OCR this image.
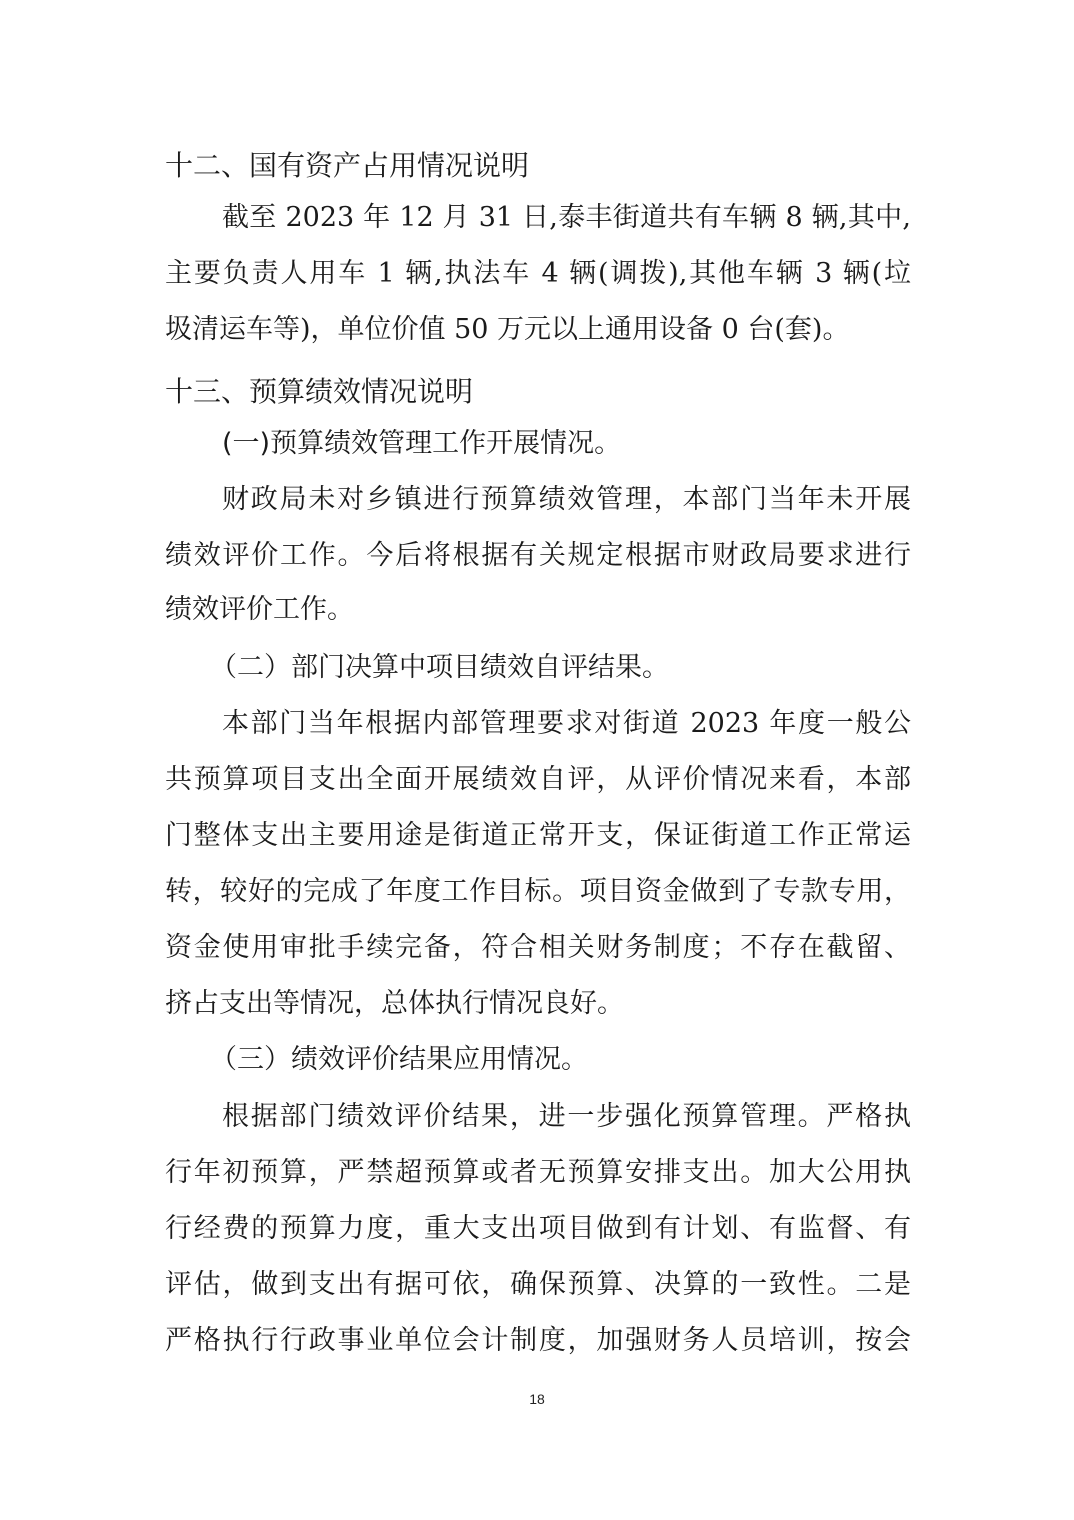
十二、国有资产占用情况说明

截至 2023 年 12 月 31 日,泰丰街道共有车辆 8 辆,其中,

主要负责人用车 1 辆,执法车 4 辆(调拨),其他车辆 3 辆(垃

圾清运车等)，单位价值 50 万元以上通用设备 0 台(套)。

十三、预算绩效情况说明

(一)预算绩效管理工作开展情况。

财政局未对乡镇进行预算绩效管理，本部门当年未开展

绩效评价工作。今后将根据有关规定根据市财政局要求进行

绩效评价工作。

（二）部门决算中项目绩效自评结果。

本部门当年根据内部管理要求对街道 2023 年度一般公

共预算项目支出全面开展绩效自评，从评价情况来看，本部

门整体支出主要用途是街道正常开支，保证街道工作正常运

转，较好的完成了年度工作目标。项目资金做到了专款专用，

资金使用审批手续完备，符合相关财务制度；不存在截留、

挤占支出等情况，总体执行情况良好。

（三）绩效评价结果应用情况。

根据部门绩效评价结果，进一步强化预算管理。严格执

行年初预算，严禁超预算或者无预算安排支出。加大公用执

行经费的预算力度，重大支出项目做到有计划、有监督、有

评估，做到支出有据可依，确保预算、决算的一致性。二是

严格执行行政事业单位会计制度，加强财务人员培训，按会

18
